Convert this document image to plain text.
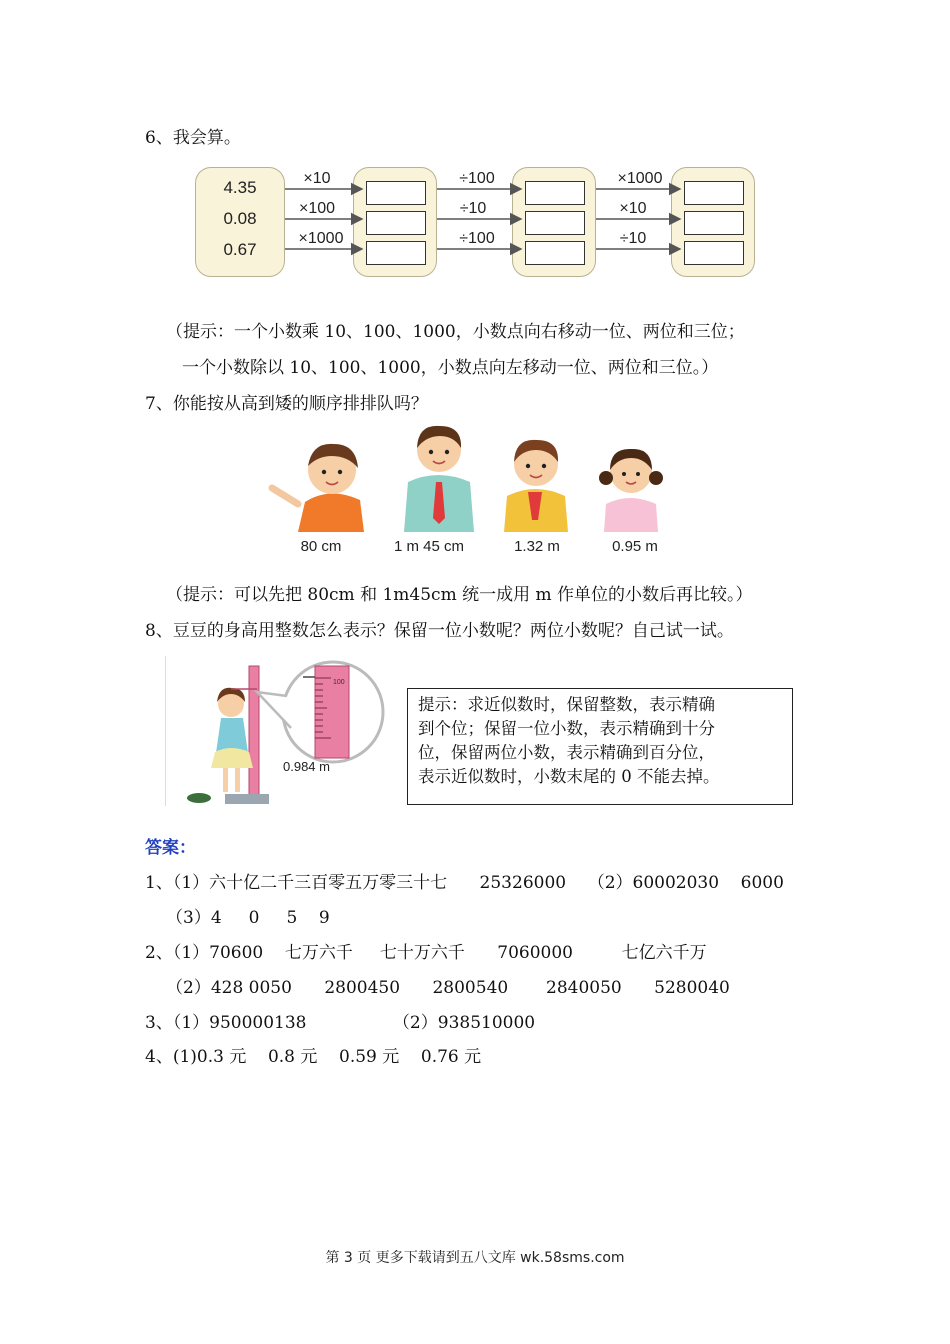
6、我会算。
4.35
0.08
0.67
×10
×100
×1000
÷100
÷10
÷100
×1000
×10
÷10
（提示：一个小数乘 10、100、1000，小数点向右移动一位、两位和三位；
一个小数除以 10、100、1000，小数点向左移动一位、两位和三位。）
7、你能按从高到矮的顺序排排队吗？
80 cm	1 m 45 cm	1.32 m	0.95 m
（提示：可以先把 80cm 和 1m45cm 统一成用 m 作单位的小数后再比较。）
8、豆豆的身高用整数怎么表示？保留一位小数呢？两位小数呢？自己试一试。
100
0.984 m
提示：求近似数时，保留整数，表示精确
到个位；保留一位小数，表示精确到十分
位，保留两位小数，表示精确到百分位，
表示近似数时，小数末尾的 0 不能去掉。
答案：
1、（1）六十亿二千三百零五万零三十七      25326000    （2）60002030    6000
（3）4     0     5    9
2、（1）70600    七万六千     七十万六千      7060000         七亿六千万
（2）428 0050      2800450      2800540       2840050      5280040
3、（1）950000138                （2）938510000
4、(1)0.3 元    0.8 元    0.59 元    0.76 元
第 3 页 更多下载请到五八文库 wk.58sms.com
